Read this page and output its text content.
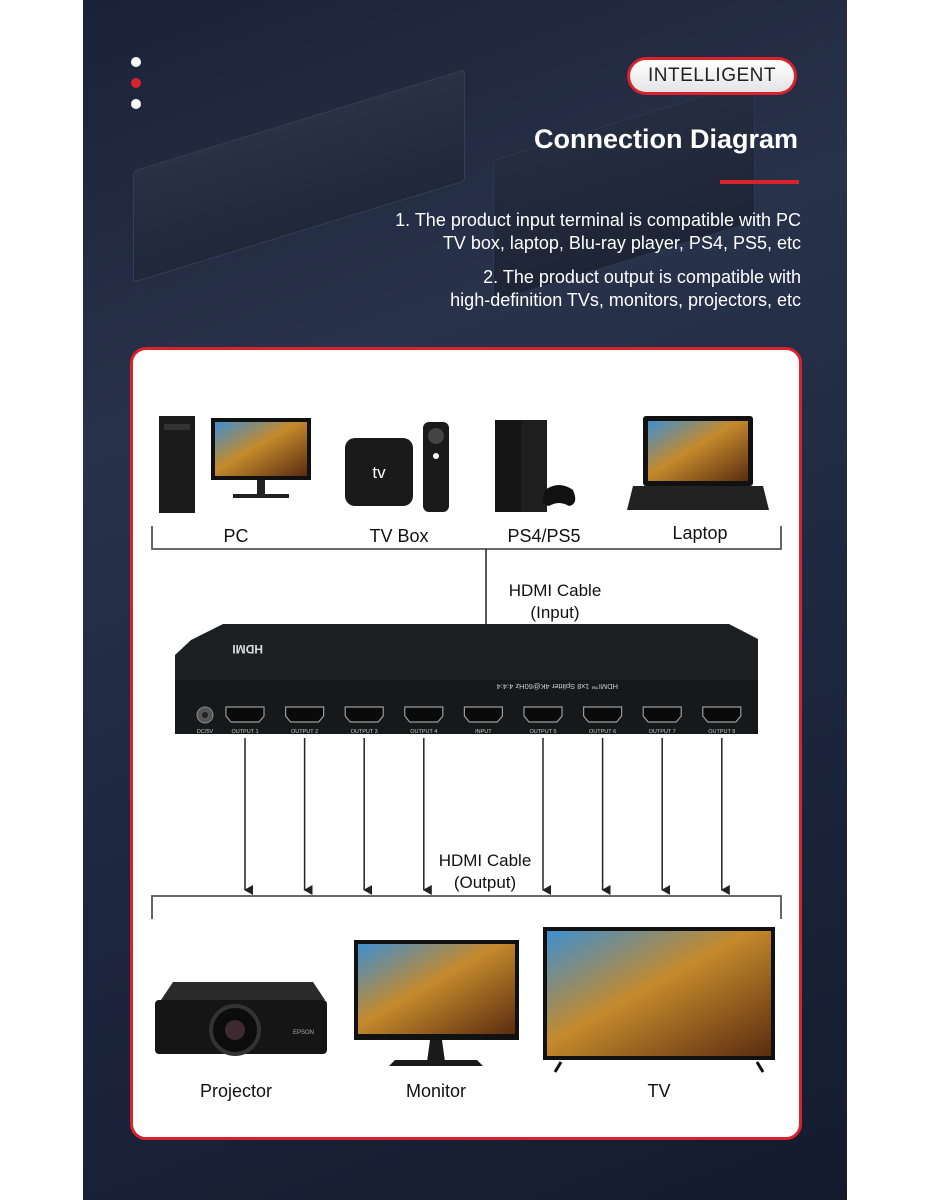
INTELLIGENT
Connection Diagram
1. The product input terminal is compatible with PC
TV box, laptop, Blu-ray player, PS4, PS5, etc
2. The product output is compatible with
high-definition TVs, monitors, projectors, etc
tv
HDMI
HDMI™ 1x8 Splitter 4K@60Hz 4:4:4
DC/5V	OUTPUT 1	OUTPUT 2	OUTPUT 3	OUTPUT 4	INPUT	OUTPUT 5	OUTPUT 6	OUTPUT 7	OUTPUT 8
EPSON
PC	TV Box	PS4/PS5	Laptop
HDMI Cable
(Input)
HDMI Cable
(Output)
Projector	Monitor	TV
